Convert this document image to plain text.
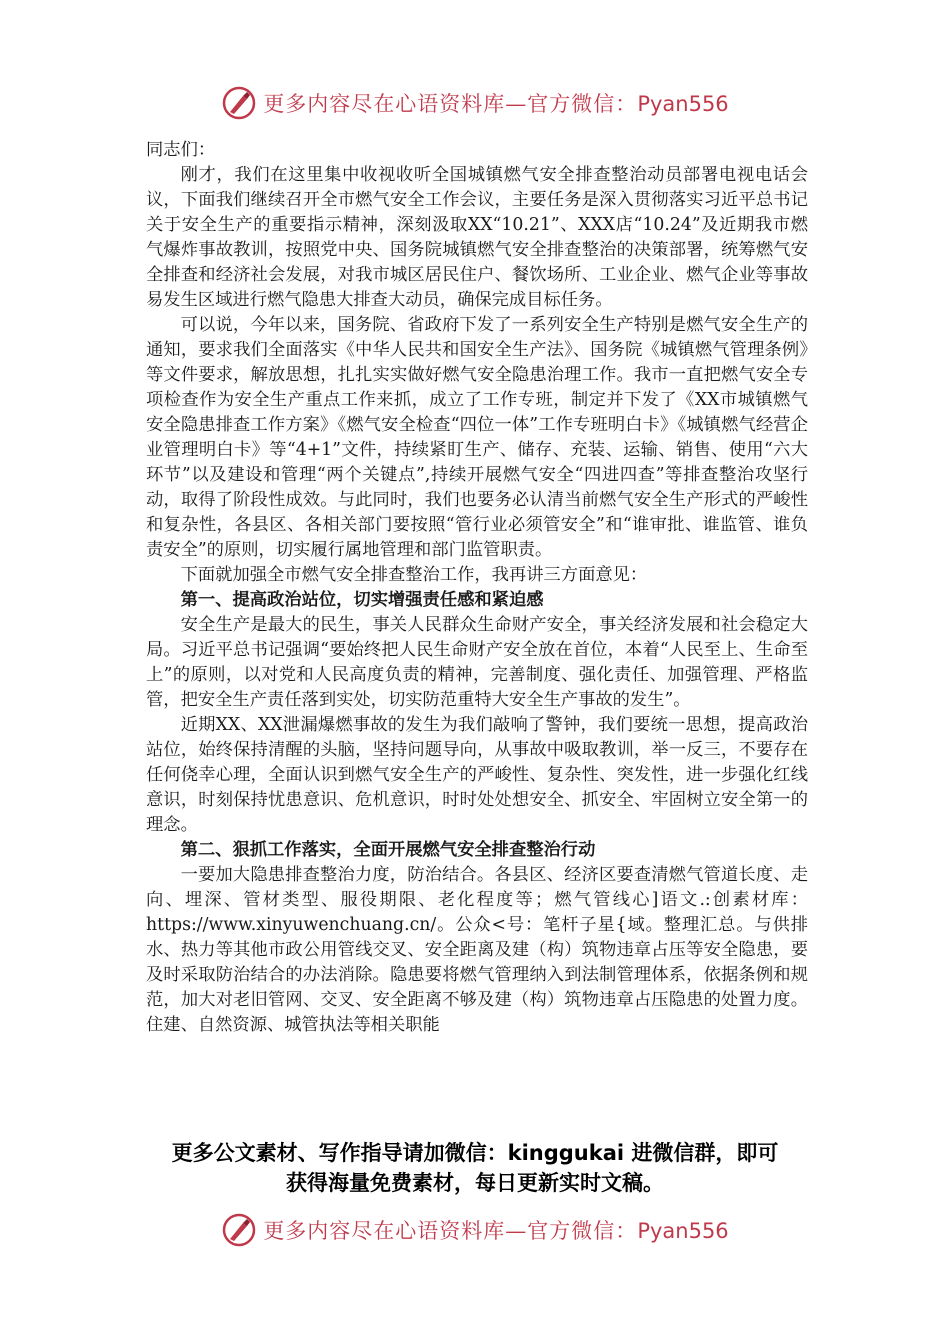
更多内容尽在心语资料库—官方微信：Pyan556

同志们：

刚才，我们在这里集中收视收听全国城镇燃气安全排查整治动员部署电视电话会议，下面我们继续召开全市燃气安全工作会议，主要任务是深入贯彻落实习近平总书记关于安全生产的重要指示精神，深刻汲取XX“10.21”、XXX店“10.24”及近期我市燃气爆炸事故教训，按照党中央、国务院城镇燃气安全排查整治的决策部署，统筹燃气安全排查和经济社会发展，对我市城区居民住户、餐饮场所、工业企业、燃气企业等事故易发生区域进行燃气隐患大排查大动员，确保完成目标任务。

可以说，今年以来，国务院、省政府下发了一系列安全生产特别是燃气安全生产的通知，要求我们全面落实《中华人民共和国安全生产法》、国务院《城镇燃气管理条例》等文件要求，解放思想，扎扎实实做好燃气安全隐患治理工作。我市一直把燃气安全专项检查作为安全生产重点工作来抓，成立了工作专班，制定并下发了《XX市城镇燃气安全隐患排查工作方案》《燃气安全检查“四位一体”工作专班明白卡》《城镇燃气经营企业管理明白卡》等“4+1”文件，持续紧盯生产、储存、充装、运输、销售、使用“六大环节”以及建设和管理“两个关键点”,持续开展燃气安全“四进四查”等排查整治攻坚行动，取得了阶段性成效。与此同时，我们也要务必认清当前燃气安全生产形式的严峻性和复杂性，各县区、各相关部门要按照“管行业必须管安全”和“谁审批、谁监管、谁负责安全”的原则，切实履行属地管理和部门监管职责。

下面就加强全市燃气安全排查整治工作，我再讲三方面意见：

第一、提高政治站位，切实增强责任感和紧迫感

安全生产是最大的民生，事关人民群众生命财产安全，事关经济发展和社会稳定大局。习近平总书记强调“要始终把人民生命财产安全放在首位，本着“人民至上、生命至上”的原则，以对党和人民高度负责的精神，完善制度、强化责任、加强管理、严格监管，把安全生产责任落到实处，切实防范重特大安全生产事故的发生”。

近期XX、XX泄漏爆燃事故的发生为我们敲响了警钟，我们要统一思想，提高政治站位，始终保持清醒的头脑，坚持问题导向，从事故中吸取教训，举一反三，不要存在任何侥幸心理，全面认识到燃气安全生产的严峻性、复杂性、突发性，进一步强化红线意识，时刻保持忧患意识、危机意识，时时处处想安全、抓安全、牢固树立安全第一的理念。

第二、狠抓工作落实，全面开展燃气安全排查整治行动

一要加大隐患排查整治力度，防治结合。各县区、经济区要查清燃气管道长度、走向、埋深、管材类型、服役期限、老化程度等；燃气管线心]语文.:创素材库：https://www.xinyuwenchuang.cn/。公众<号：笔杆子星{域。整理汇总。与供排水、热力等其他市政公用管线交叉、安全距离及建（构）筑物违章占压等安全隐患，要及时采取防治结合的办法消除。隐患要将燃气管理纳入到法制管理体系，依据条例和规范，加大对老旧管网、交叉、安全距离不够及建（构）筑物违章占压隐患的处置力度。住建、自然资源、城管执法等相关职能

更多公文素材、写作指导请加微信：kinggukai 进微信群，即可
获得海量免费素材，每日更新实时文稿。
更多内容尽在心语资料库—官方微信：Pyan556
